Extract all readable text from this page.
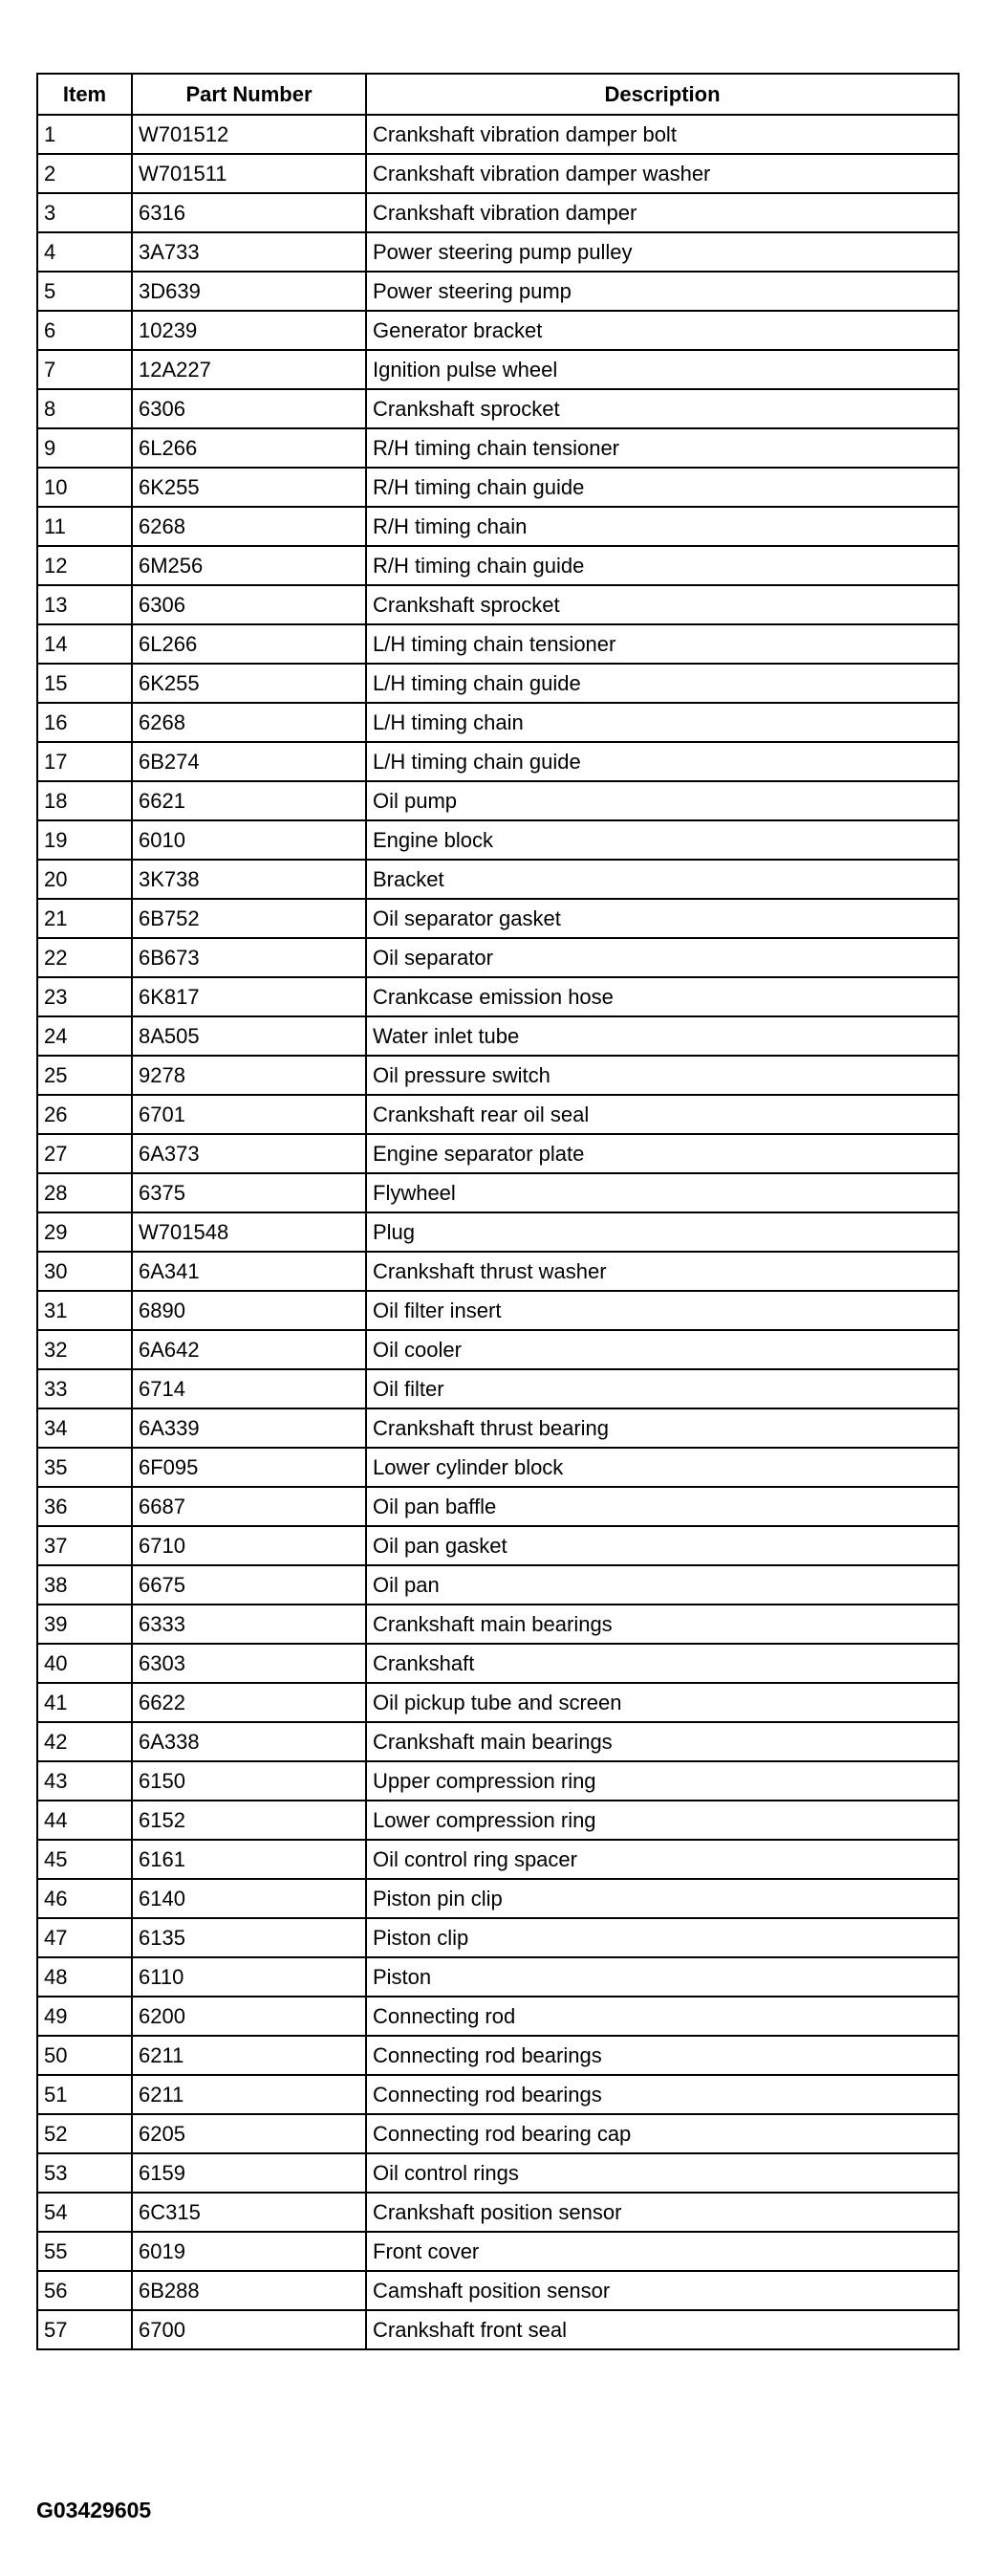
Item	Part Number	Description
1	W701512	Crankshaft vibration damper bolt
2	W701511	Crankshaft vibration damper washer
3	6316	Crankshaft vibration damper
4	3A733	Power steering pump pulley
5	3D639	Power steering pump
6	10239	Generator bracket
7	12A227	Ignition pulse wheel
8	6306	Crankshaft sprocket
9	6L266	R/H timing chain tensioner
10	6K255	R/H timing chain guide
11	6268	R/H timing chain
12	6M256	R/H timing chain guide
13	6306	Crankshaft sprocket
14	6L266	L/H timing chain tensioner
15	6K255	L/H timing chain guide
16	6268	L/H timing chain
17	6B274	L/H timing chain guide
18	6621	Oil pump
19	6010	Engine block
20	3K738	Bracket
21	6B752	Oil separator gasket
22	6B673	Oil separator
23	6K817	Crankcase emission hose
24	8A505	Water inlet tube
25	9278	Oil pressure switch
26	6701	Crankshaft rear oil seal
27	6A373	Engine separator plate
28	6375	Flywheel
29	W701548	Plug
30	6A341	Crankshaft thrust washer
31	6890	Oil filter insert
32	6A642	Oil cooler
33	6714	Oil filter
34	6A339	Crankshaft thrust bearing
35	6F095	Lower cylinder block
36	6687	Oil pan baffle
37	6710	Oil pan gasket
38	6675	Oil pan
39	6333	Crankshaft main bearings
40	6303	Crankshaft
41	6622	Oil pickup tube and screen
42	6A338	Crankshaft main bearings
43	6150	Upper compression ring
44	6152	Lower compression ring
45	6161	Oil control ring spacer
46	6140	Piston pin clip
47	6135	Piston clip
48	6110	Piston
49	6200	Connecting rod
50	6211	Connecting rod bearings
51	6211	Connecting rod bearings
52	6205	Connecting rod bearing cap
53	6159	Oil control rings
54	6C315	Crankshaft position sensor
55	6019	Front cover
56	6B288	Camshaft position sensor
57	6700	Crankshaft front seal
G03429605
